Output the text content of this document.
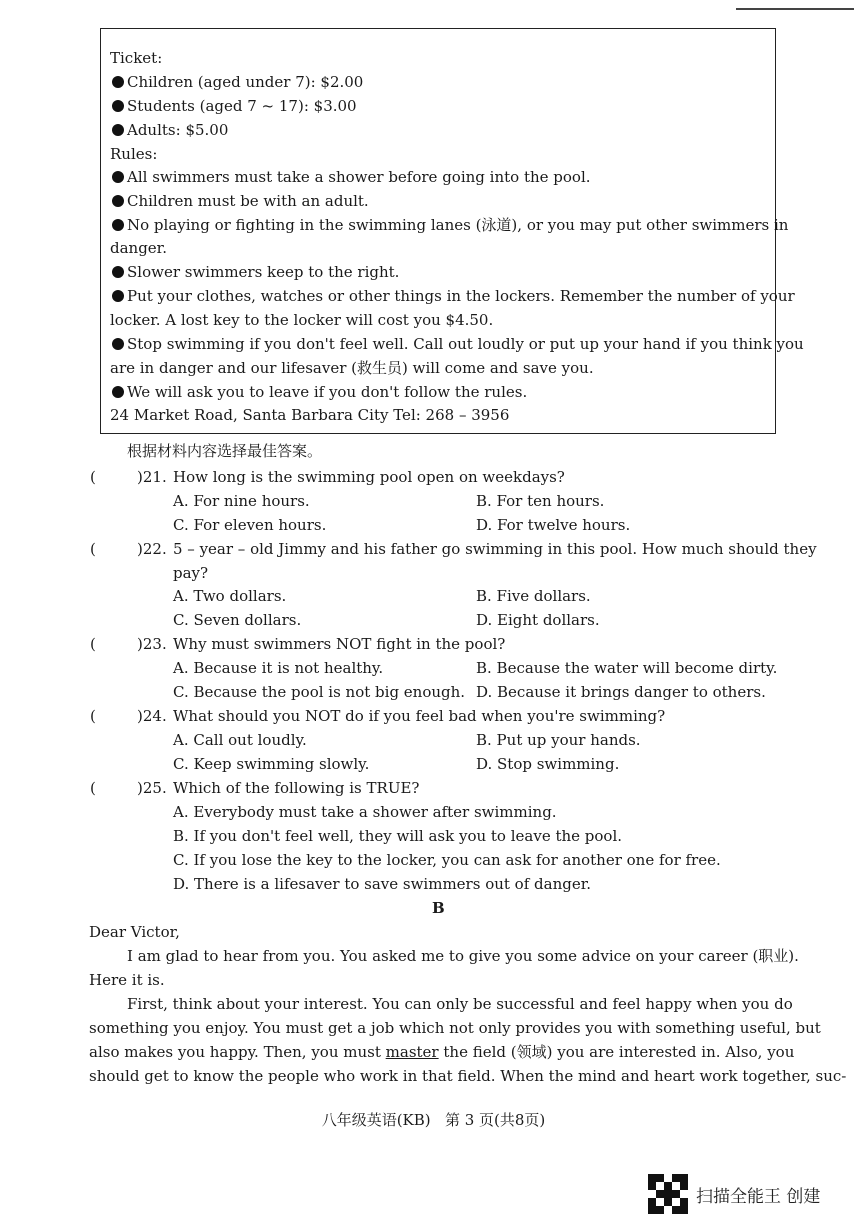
Ticket:
Children (aged under 7): $2.00
Students (aged 7 ~ 17): $3.00
Adults: $5.00
Rules:
All swimmers must take a shower before going into the pool.
Children must be with an adult.
No playing or fighting in the swimming lanes (泳道), or you may put other swimmers in
danger.
Slower swimmers keep to the right.
Put your clothes, watches or other things in the lockers. Remember the number of your
locker. A lost key to the locker will cost you $4.50.
Stop swimming if you don't feel well. Call out loudly or put up your hand if you think you
are in danger and our lifesaver (救生员) will come and save you.
We will ask you to leave if you don't follow the rules.
24 Market Road, Santa Barbara City Tel: 268 – 3956
根据材料内容选择最佳答案。
(	)21. How long is the swimming pool open on weekdays?
A. For nine hours.	B. For ten hours.
C. For eleven hours.	D. For twelve hours.
(	)22. 5 – year – old Jimmy and his father go swimming in this pool. How much should they
pay?
A. Two dollars.	B. Five dollars.
C. Seven dollars.	D. Eight dollars.
(	)23. Why must swimmers NOT fight in the pool?
A. Because it is not healthy.	B. Because the water will become dirty.
C. Because the pool is not big enough. D. Because it brings danger to others.
(	)24. What should you NOT do if you feel bad when you're swimming?
A. Call out loudly.	B. Put up your hands.
C. Keep swimming slowly.	D. Stop swimming.
(	)25. Which of the following is TRUE?
A. Everybody must take a shower after swimming.
B. If you don't feel well, they will ask you to leave the pool.
C. If you lose the key to the locker, you can ask for another one for free.
D. There is a lifesaver to save swimmers out of danger.
B
Dear Victor,
I am glad to hear from you. You asked me to give you some advice on your career (职业).
Here it is.
First, think about your interest. You can only be successful and feel happy when you do
something you enjoy. You must get a job which not only provides you with something useful, but
also makes you happy. Then, you must master the field (领域) you are interested in. Also, you
should get to know the people who work in that field. When the mind and heart work together, suc-
八年级英语(KB)   第 3 页(共8页)
扫描全能王 创建
